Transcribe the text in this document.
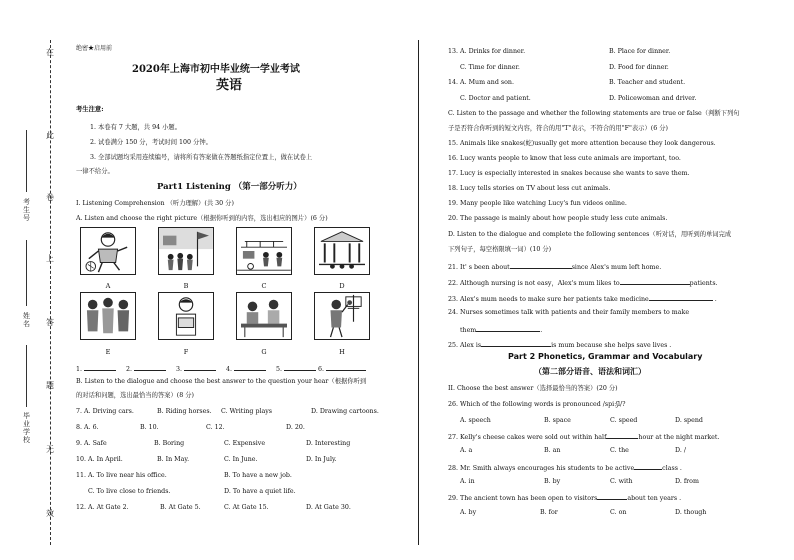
在
此
卷
上
答
题
无
效
考生号
姓名
毕业学校
绝密★启用前
2020年上海市初中毕业统一学业考试
英语
考生注意:
1. 本卷有 7 大题，共 94 小题。
2. 试卷满分 150 分，考试时间 100 分钟。
3. 全部试题均采用连续编号，请将所有答案做在答题纸指定位置上，做在试卷上
一律不给分。
Part1 Listening （第一部分听力）
I. Listening Comprehension （听力理解）(共 30 分)
A. Listen and choose the right picture（根据你听到的内容，选出相应的图片）(6 分)
A	B	C	D
E	F	G	H
1.	2.	3.	4.	5.	6.
B. Listen to the dialogue and choose the best answer to the question your hear（根据你听到
的对话和问题，选出最恰当的答案）(8 分)
7. A. Driving cars.	B. Riding horses. C. Writing plays	D. Drawing cartoons.
8. A. 6.	B. 10.	C. 12.	D. 20.
9. A. Safe	B. Boring	C. Expensive	D. Interesting
10. A. In April.	B. In May.	C. In June.	D. In July.
11. A. To live near his office.	B. To have a new job.
C. To live close to friends.	D. To have a quiet life.
12. A. At Gate 2.	B. At Gate 5.	C. At Gate 15.	D. At Gate 30.
13. A. Drinks for dinner.	B. Place for dinner.
C. Time for dinner.	D. Food for dinner.
14. A. Mum and son.	B. Teacher and student.
C. Doctor and patient.	D. Policewoman and driver.
C. Listen to the passage and whether the following statements are true or false（判断下列句
子是否符合你听到的短文内容，符合的用"T"表示，不符合的用"F"表示）(6 分)
15. Animals like snakes(蛇)usually get more attention because they look dangerous.
16. Lucy wants people to know that less cute animals are important, too.
17. Lucy is especially interested in snakes because she wants to save them.
18. Lucy tells stories on TV about less cut animals.
19. Many people like watching Lucy's fun videos online.
20. The passage is mainly about how people study less cute animals.
D. Listen to the dialogue and complete the following sentences（听对话，用听到的单词完成
下列句子，每空格限填一词）(10 分)
21. It' s been about	since Alex's mum left home.
22. Although nursing is not easy，Alex's mum likes to	patients.
23. Alex's mum needs to make sure her patients take medicine	.
24. Nurses sometimes talk with patients and their family members to make
them	.
25. Alex is	is mum because she helps save lives .
Part 2 Phonetics, Grammar and Vocabulary
（第二部分语音、语法和词汇）
II. Choose the best answer（选择最恰当的答案）(20 分)
26. Which of the following words is pronounced /spiːʃl/?
A. speech	B. space	C. speed	D. spend
27. Kelly's cheese cakes were sold out within half	hour at the night market.
A. a	B. an	C. the	D. /
28. Mr. Smith always encourages his students to be active	class .
A. in	B. by	C. with	D. from
29. The ancient town has been open to visitors	about ten years .
A. by	B. for	C. on	D. though
